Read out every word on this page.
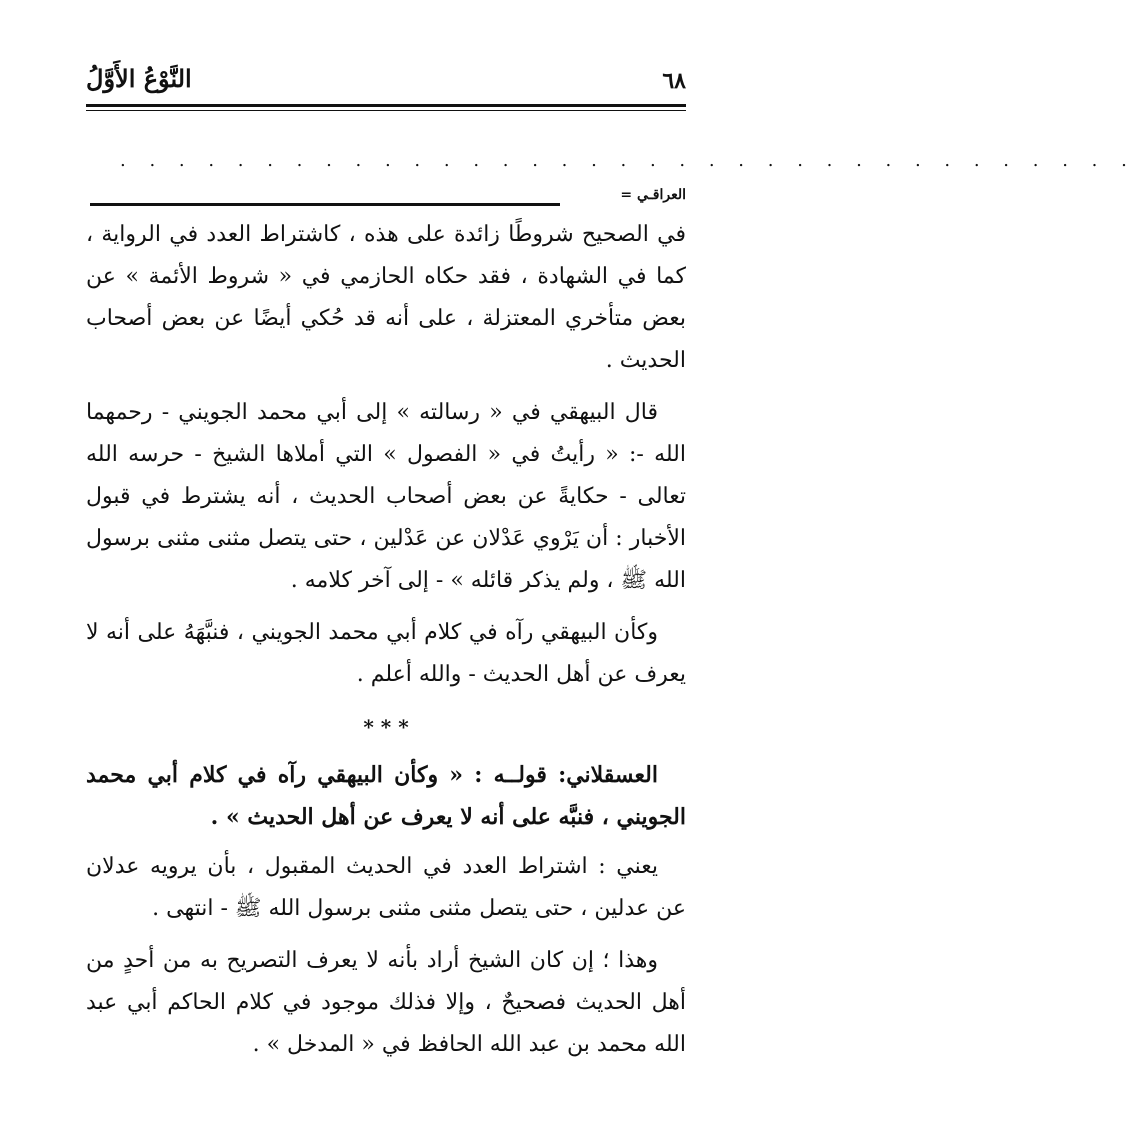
٦٨
النَّوْعُ الأَوَّلُ
. . . . . . . . . . . . . . . . . . . . . . . . . . . . . . . . . . .
العراقـي =

في الصحيح شروطًا زائدة على هذه ، كاشتراط العدد في الرواية ، كما في الشهادة ، فقد حكاه الحازمي في « شروط الأئمة » عن بعض متأخري المعتزلة ، على أنه قد حُكي أيضًا عن بعض أصحاب الحديث .

قال البيهقي في « رسالته » إلى أبي محمد الجويني - رحمهما الله -: « رأيتُ في « الفصول » التي أملاها الشيخ - حرسه الله تعالى - حكايةً عن بعض أصحاب الحديث ، أنه يشترط في قبول الأخبار : أن يَرْوي عَدْلان عن عَدْلين ، حتى يتصل مثنى مثنى برسول الله ﷺ ، ولم يذكر قائله » - إلى آخر كلامه .

وكأن البيهقي رآه في كلام أبي محمد الجويني ، فنبَّهَهُ على أنه لا يعرف عن أهل الحديث - والله أعلم .

* * *

العسقلاني: قولــه : « وكأن البيهقي رآه في كلام أبي محمد الجويني ، فنبَّه على أنه لا يعرف عن أهل الحديث » .

يعني : اشتراط العدد في الحديث المقبول ، بأن يرويه عدلان عن عدلين ، حتى يتصل مثنى مثنى برسول الله ﷺ - انتهى .

وهذا ؛ إن كان الشيخ أراد بأنه لا يعرف التصريح به من أحدٍ من أهل الحديث فصحيحٌ ، وإلا فذلك موجود في كلام الحاكم أبي عبد الله محمد بن عبد الله الحافظ في « المدخل » .
